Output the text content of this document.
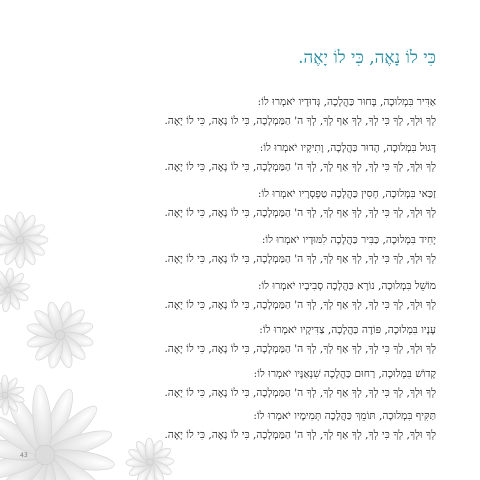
כִּי לוֹ נָאֶה, כִּי לוֹ יָאֶה.
אַדִּיר בִּמְלוּכָה, בָּחוּר כַּהֲלָכָה, גְּדוּדָיו יֹאמְרוּ לוֹ:
לְךָ וּלְךָ, לְךָ כִּי לְךָ, לְךָ אַף לְךָ, לְךָ ה' הַמַּמְלָכָה, כִּי לוֹ נָאֶה, כִּי לוֹ יָאֶה.
דָּגוּל בִּמְלוּכָה, הָדוּר כַּהֲלָכָה, וָתִיקָיו יֹאמְרוּ לוֹ:
לְךָ וּלְךָ, לְךָ כִּי לְךָ, לְךָ אַף לְךָ, לְךָ ה' הַמַּמְלָכָה, כִּי לוֹ נָאֶה, כִּי לוֹ יָאֶה.
זַכַּאי בִּמְלוּכָה, חָסִין כַּהֲלָכָה טַפְסְרָיו יֹאמְרוּ לוֹ:
לְךָ וּלְךָ, לְךָ כִּי לְךָ, לְךָ אַף לְךָ, לְךָ ה' הַמַּמְלָכָה, כִּי לוֹ נָאֶה, כִּי לוֹ יָאֶה.
יָחִיד בִּמְלוּכָה, כַּבִּיר כַּהֲלָכָה לִמּוּדָיו יֹאמְרוּ לוֹ:
לְךָ וּלְךָ, לְךָ כִּי לְךָ, לְךָ אַף לְךָ, לְךָ ה' הַמַּמְלָכָה, כִּי לוֹ נָאֶה, כִּי לוֹ יָאֶה.
מוֹשֵׁל בִּמְלוּכָה, נוֹרָא כַּהֲלָכָה סְבִיבָיו יֹאמְרוּ לוֹ:
לְךָ וּלְךָ, לְךָ כִּי לְךָ, לְךָ אַף לְךָ, לְךָ ה' הַמַּמְלָכָה, כִּי לוֹ נָאֶה, כִּי לוֹ יָאֶה.
עָנָיו בִּמְלוּכָה, פּוֹדֶה כַּהֲלָכָה, צַדִּיקָיו יֹאמְרוּ לוֹ:
לְךָ וּלְךָ, לְךָ כִּי לְךָ, לְךָ אַף לְךָ, לְךָ ה' הַמַּמְלָכָה, כִּי לוֹ נָאֶה, כִּי לוֹ יָאֶה.
קָדוֹשׁ בִּמְלוּכָה, רַחוּם כַּהֲלָכָה שִׁנְאַנָּיו יֹאמְרוּ לוֹ:
לְךָ וּלְךָ, לְךָ כִּי לְךָ, לְךָ אַף לְךָ, לְךָ ה' הַמַּמְלָכָה, כִּי לוֹ נָאֶה, כִּי לוֹ יָאֶה.
תַּקִּיף בִּמְלוּכָה, תּוֹמֵךְ כַּהֲלָכָה תְּמִימָיו יֹאמְרוּ לוֹ:
לְךָ וּלְךָ, לְךָ כִּי לְךָ, לְךָ אַף לְךָ, לְךָ ה' הַמַּמְלָכָה, כִּי לוֹ נָאֶה, כִּי לוֹ יָאֶה.
43
